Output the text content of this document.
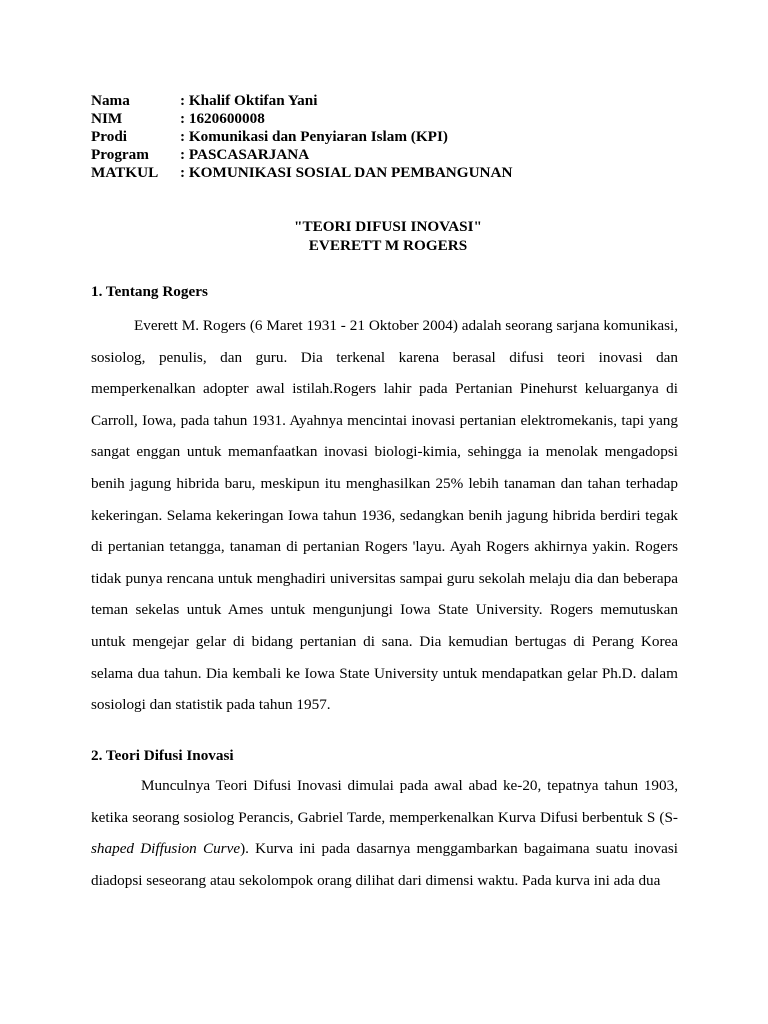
Nama	: Khalif Oktifan Yani
NIM	: 1620600008
Prodi	: Komunikasi dan Penyiaran Islam (KPI)
Program	: PASCASARJANA
MATKUL	: KOMUNIKASI SOSIAL DAN PEMBANGUNAN
"TEORI DIFUSI INOVASI"
EVERETT M ROGERS
1. Tentang Rogers

Everett M. Rogers (6 Maret 1931 - 21 Oktober 2004) adalah seorang sarjana komunikasi, sosiolog, penulis, dan guru. Dia terkenal karena berasal difusi teori inovasi dan memperkenalkan adopter awal istilah.Rogers lahir pada Pertanian Pinehurst keluarganya di Carroll, Iowa, pada tahun 1931. Ayahnya mencintai inovasi pertanian elektromekanis, tapi yang sangat enggan untuk memanfaatkan inovasi biologi-kimia, sehingga ia menolak mengadopsi benih jagung hibrida baru, meskipun itu menghasilkan 25% lebih tanaman dan tahan terhadap kekeringan. Selama kekeringan Iowa tahun 1936, sedangkan benih jagung hibrida berdiri tegak di pertanian tetangga, tanaman di pertanian Rogers 'layu. Ayah Rogers akhirnya yakin. Rogers tidak punya rencana untuk menghadiri universitas sampai guru sekolah melaju dia dan beberapa teman sekelas untuk Ames untuk mengunjungi Iowa State University. Rogers memutuskan untuk mengejar gelar di bidang pertanian di sana. Dia kemudian bertugas di Perang Korea selama dua tahun. Dia kembali ke Iowa State University untuk mendapatkan gelar Ph.D. dalam sosiologi dan statistik pada tahun 1957.

2. Teori Difusi Inovasi

Munculnya Teori Difusi Inovasi dimulai pada awal abad ke-20, tepatnya tahun 1903, ketika seorang sosiolog Perancis, Gabriel Tarde, memperkenalkan Kurva Difusi berbentuk S (S-shaped Diffusion Curve). Kurva ini pada dasarnya menggambarkan bagaimana suatu inovasi diadopsi seseorang atau sekolompok orang dilihat dari dimensi waktu. Pada kurva ini ada dua
